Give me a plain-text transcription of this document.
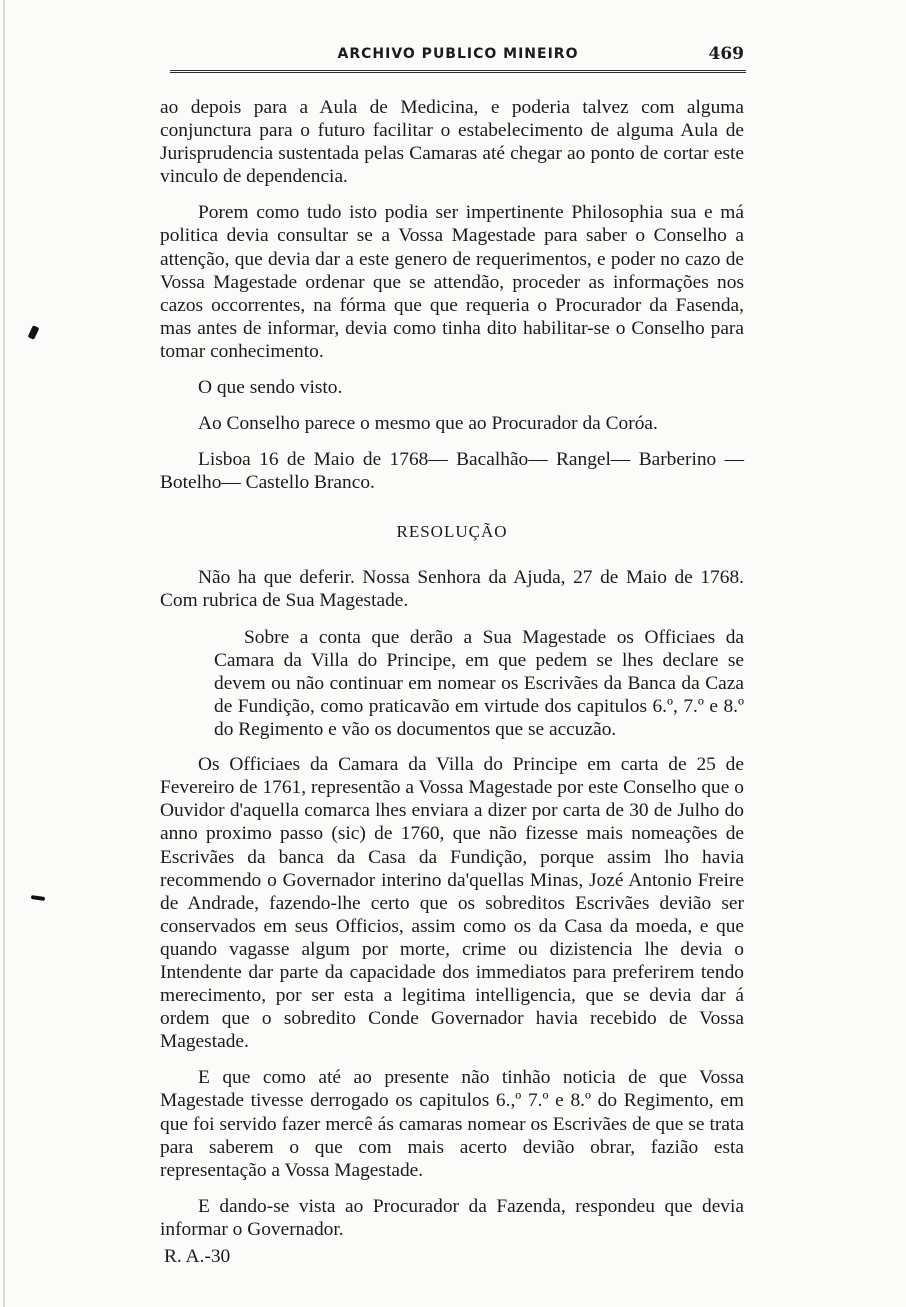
ARCHIVO PUBLICO MINEIRO	469

ao depois para a Aula de Medicina, e poderia talvez com alguma conjunctura para o futuro facilitar o estabelecimento de alguma Aula de Jurisprudencia sustentada pelas Camaras até chegar ao ponto de cortar este vinculo de dependencia.

Porem como tudo isto podia ser impertinente Philosophia sua e má politica devia consultar se a Vossa Magestade para saber o Conselho a attenção, que devia dar a este genero de requerimentos, e poder no cazo de Vossa Magestade ordenar que se attendão, proceder as informações nos cazos occorrentes, na fórma que que requeria o Procurador da Fasenda, mas antes de informar, devia como tinha dito habilitar-se o Conselho para tomar conhecimento.

O que sendo visto.

Ao Conselho parece o mesmo que ao Procurador da Coróa.

Lisboa 16 de Maio de 1768— Bacalhão— Rangel— Barberino — Botelho— Castello Branco.

RESOLUÇÃO

Não ha que deferir. Nossa Senhora da Ajuda, 27 de Maio de 1768. Com rubrica de Sua Magestade.

Sobre a conta que derão a Sua Magestade os Officiaes da Camara da Villa do Principe, em que pedem se lhes declare se devem ou não continuar em nomear os Escrivães da Banca da Caza de Fundição, como praticavão em virtude dos capitulos 6.º, 7.º e 8.º do Regimento e vão os documentos que se accuzão.

Os Officiaes da Camara da Villa do Principe em carta de 25 de Fevereiro de 1761, representão a Vossa Magestade por este Conselho que o Ouvidor d'aquella comarca lhes enviara a dizer por carta de 30 de Julho do anno proximo passo (sic) de 1760, que não fizesse mais nomeações de Escrivães da banca da Casa da Fundição, porque assim lho havia recommendo o Governador interino da'quellas Minas, Jozé Antonio Freire de Andrade, fazendo-lhe certo que os sobreditos Escrivães devião ser conservados em seus Officios, assim como os da Casa da moeda, e que quando vagasse algum por morte, crime ou dizistencia lhe devia o Intendente dar parte da capacidade dos immediatos para preferirem tendo merecimento, por ser esta a legitima intelligencia, que se devia dar á ordem que o sobredito Conde Governador havia recebido de Vossa Magestade.

E que como até ao presente não tinhão noticia de que Vossa Magestade tivesse derrogado os capitulos 6.,º 7.º e 8.º do Regimento, em que foi servido fazer mercê ás camaras nomear os Escrivães de que se trata para saberem o que com mais acerto devião obrar, fazião esta representação a Vossa Magestade.

E dando-se vista ao Procurador da Fazenda, respondeu que devia informar o Governador.

R. A.-30
